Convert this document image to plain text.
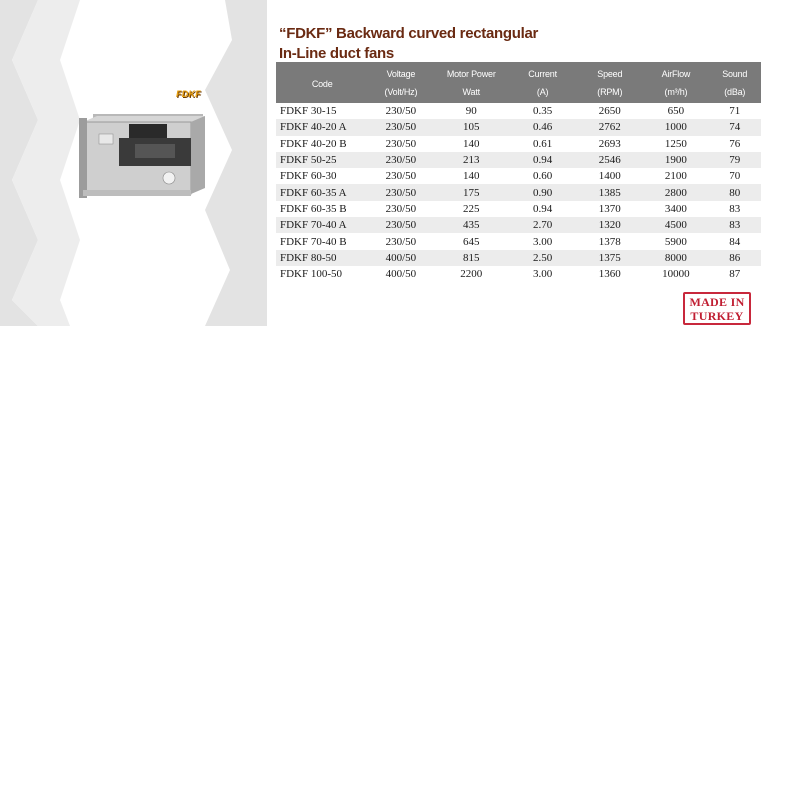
FDKF
“FDKF” Backward curved rectangular
In-Line duct fans
Code	Voltage	Motor Power	Current	Speed	AirFlow	Sound
	(Volt/Hz)	Watt	(A)	(RPM)	(m³/h)	(dBa)
FDKF 30-15	230/50	90	0.35	2650	650	71
FDKF 40-20 A	230/50	105	0.46	2762	1000	74
FDKF 40-20 B	230/50	140	0.61	2693	1250	76
FDKF 50-25	230/50	213	0.94	2546	1900	79
FDKF 60-30	230/50	140	0.60	1400	2100	70
FDKF 60-35 A	230/50	175	0.90	1385	2800	80
FDKF 60-35 B	230/50	225	0.94	1370	3400	83
FDKF 70-40 A	230/50	435	2.70	1320	4500	83
FDKF 70-40 B	230/50	645	3.00	1378	5900	84
FDKF 80-50	400/50	815	2.50	1375	8000	86
FDKF 100-50	400/50	2200	3.00	1360	10000	87
MADE IN
TURKEY
